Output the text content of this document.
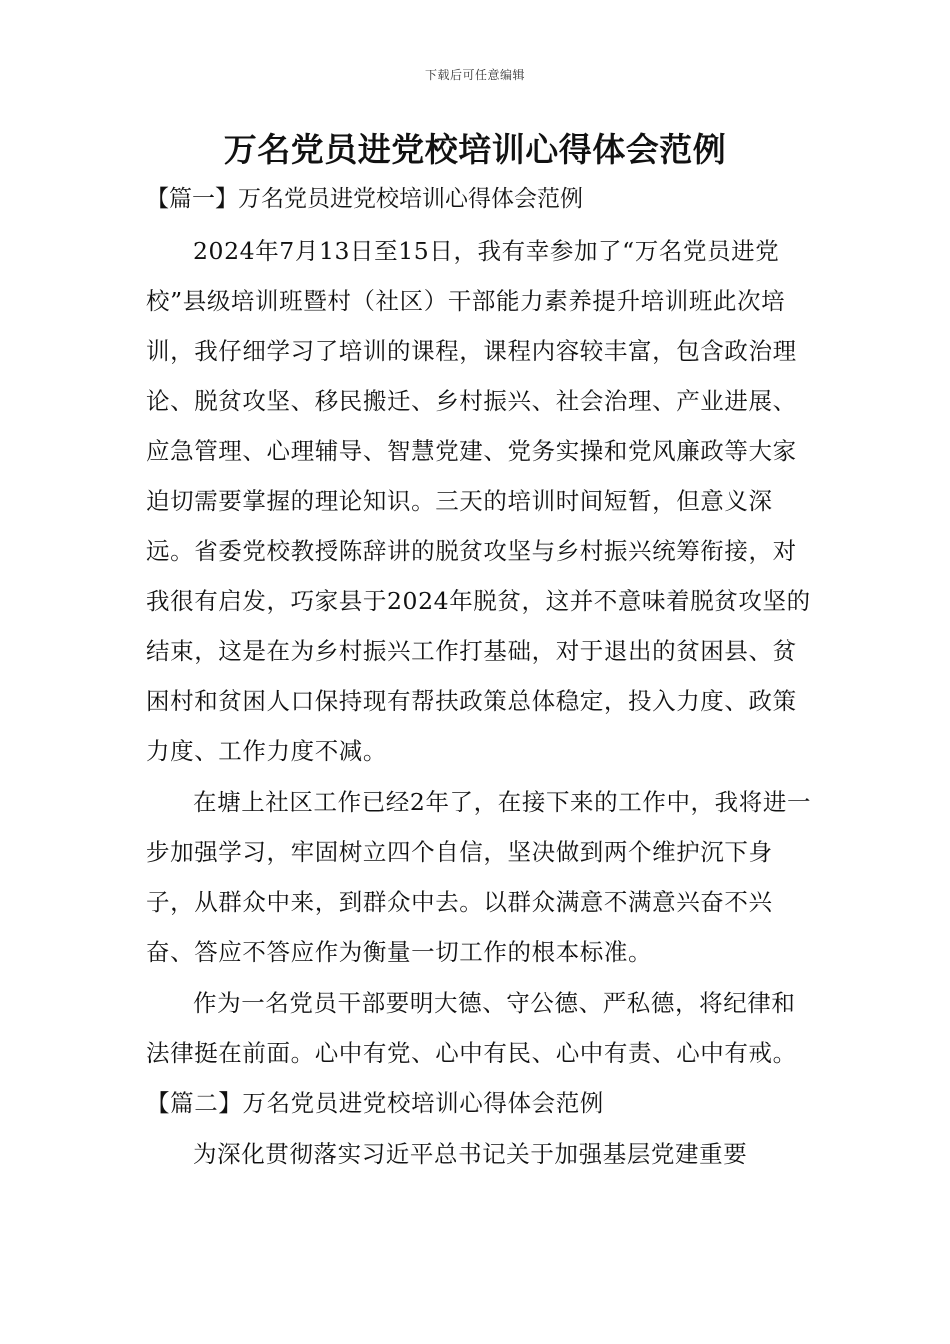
下载后可任意编辑
万名党员进党校培训心得体会范例
【篇一】万名党员进党校培训心得体会范例

2024年7月13日至15日，我有幸参加了“万名党员进党校”县级培训班暨村（社区）干部能力素养提升培训班此次培训，我仔细学习了培训的课程，课程内容较丰富，包含政治理论、脱贫攻坚、移民搬迁、乡村振兴、社会治理、产业进展、应急管理、心理辅导、智慧党建、党务实操和党风廉政等大家迫切需要掌握的理论知识。三天的培训时间短暂，但意义深远。省委党校教授陈辞讲的脱贫攻坚与乡村振兴统筹衔接，对我很有启发，巧家县于2024年脱贫，这并不意味着脱贫攻坚的结束，这是在为乡村振兴工作打基础，对于退出的贫困县、贫困村和贫困人口保持现有帮扶政策总体稳定，投入力度、政策力度、工作力度不减。

在塘上社区工作已经2年了，在接下来的工作中，我将进一步加强学习，牢固树立四个自信，坚决做到两个维护沉下身子，从群众中来，到群众中去。以群众满意不满意兴奋不兴奋、答应不答应作为衡量一切工作的根本标准。

作为一名党员干部要明大德、守公德、严私德，将纪律和法律挺在前面。心中有党、心中有民、心中有责、心中有戒。【篇二】万名党员进党校培训心得体会范例

为深化贯彻落实习近平总书记关于加强基层党建重要
